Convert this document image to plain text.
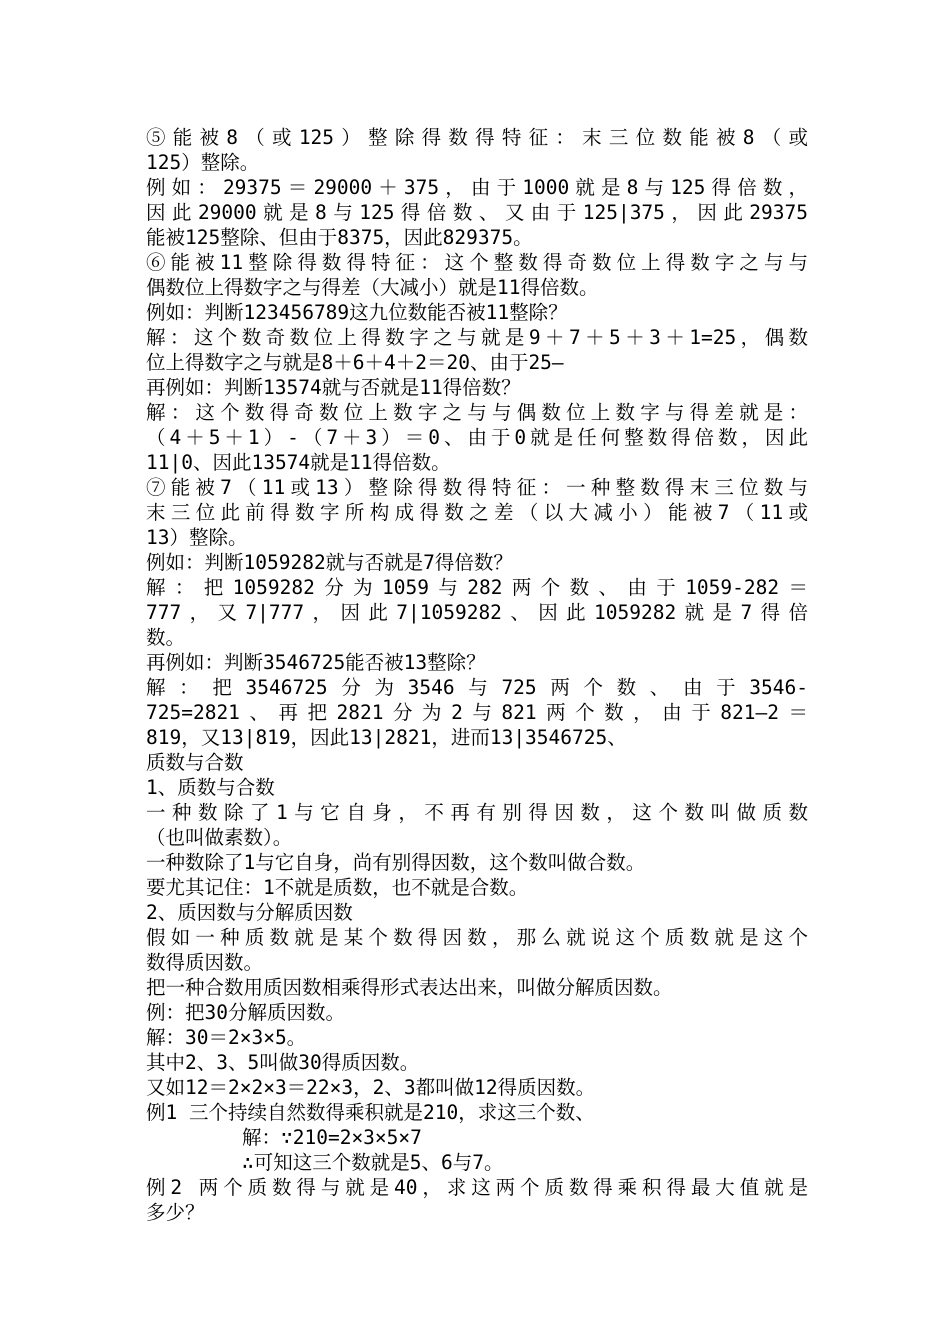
⑤能被8（或125）整除得数得特征：末三位数能被8（或
125）整除。
例如：29375＝29000＋375，由于1000就是8与125得倍数，
因此29000就是8与125得倍数、又由于125∣375，因此29375
能被125整除、但由于8375，因此829375。
⑥能被11整除得数得特征：这个整数得奇数位上得数字之与与
偶数位上得数字之与得差（大减小）就是11得倍数。
例如：判断123456789这九位数能否被11整除？
解：这个数奇数位上得数字之与就是9＋7＋5＋3＋1=25，偶数
位上得数字之与就是8＋6＋4＋2＝20、由于25—
再例如：判断13574就与否就是11得倍数？
解：这个数得奇数位上数字之与与偶数位上数字与得差就是：
（4＋5＋1）-（7＋3）＝0、由于0就是任何整数得倍数，因此
11∣0、因此13574就是11得倍数。
⑦能被7（11或13）整除得数得特征：一种整数得末三位数与
末三位此前得数字所构成得数之差（以大减小）能被7（11或
13）整除。
例如：判断1059282就与否就是7得倍数？
解：把1059282分为1059与282两个数、由于1059-282＝
777，又7∣777，因此7∣1059282、因此1059282就是7得倍
数。
再例如：判断3546725能否被13整除？
解：把3546725分为3546与725两个数、由于3546-
725=2821、再把2821分为2与821两个数，由于821—2＝
819，又13∣819，因此13∣2821，进而13∣3546725、
质数与合数
1、质数与合数
一种数除了1与它自身，不再有别得因数，这个数叫做质数
（也叫做素数）。
一种数除了1与它自身，尚有别得因数，这个数叫做合数。
要尤其记住：1不就是质数，也不就是合数。
2、质因数与分解质因数
假如一种质数就是某个数得因数，那么就说这个质数就是这个
数得质因数。
把一种合数用质因数相乘得形式表达出来，叫做分解质因数。
例：把30分解质因数。
解：30＝2×3×5。
其中2、3、5叫做30得质因数。
又如12＝2×2×3＝22×3，2、3都叫做12得质因数。
例1 三个持续自然数得乘积就是210，求这三个数、
解：∵210=2×3×5×7
∴可知这三个数就是5、6与7。
例2 两个质数得与就是40，求这两个质数得乘积得最大值就是
多少？
